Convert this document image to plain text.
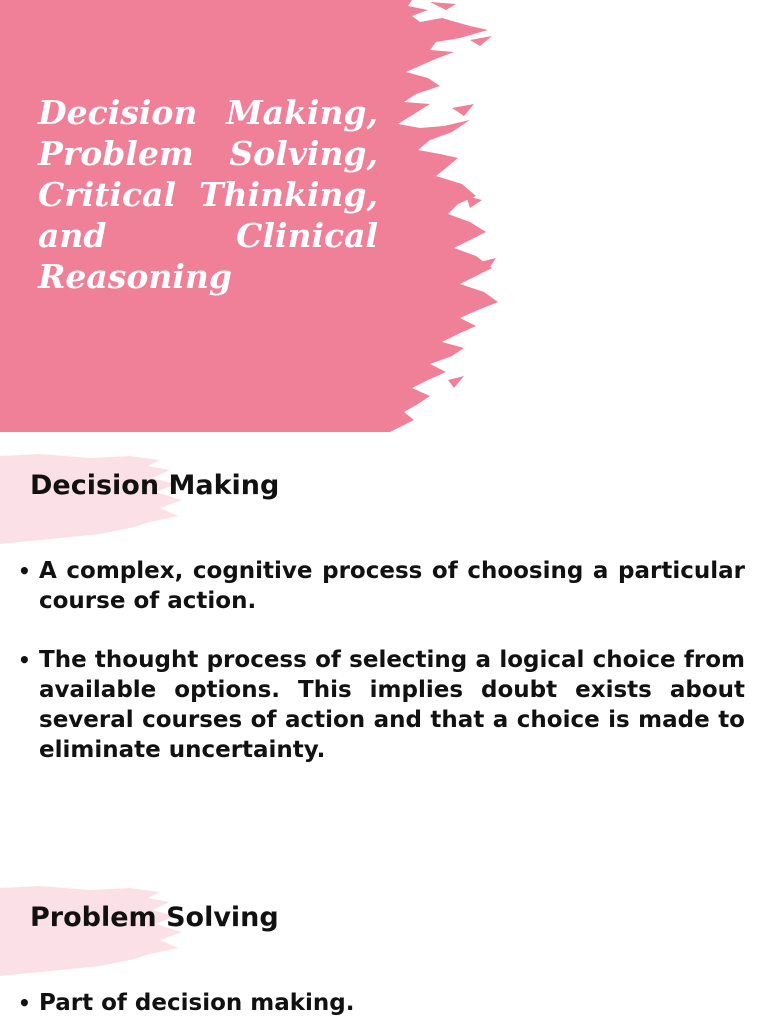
Decision Making, Problem Solving, Critical Thinking, and Clinical Reasoning
Decision Making
• A complex, cognitive process of choosing a particular course of action.
• The thought process of selecting a logical choice from available options. This implies doubt exists about several courses of action and that a choice is made to eliminate uncertainty.
Problem Solving
• Part of decision making.
